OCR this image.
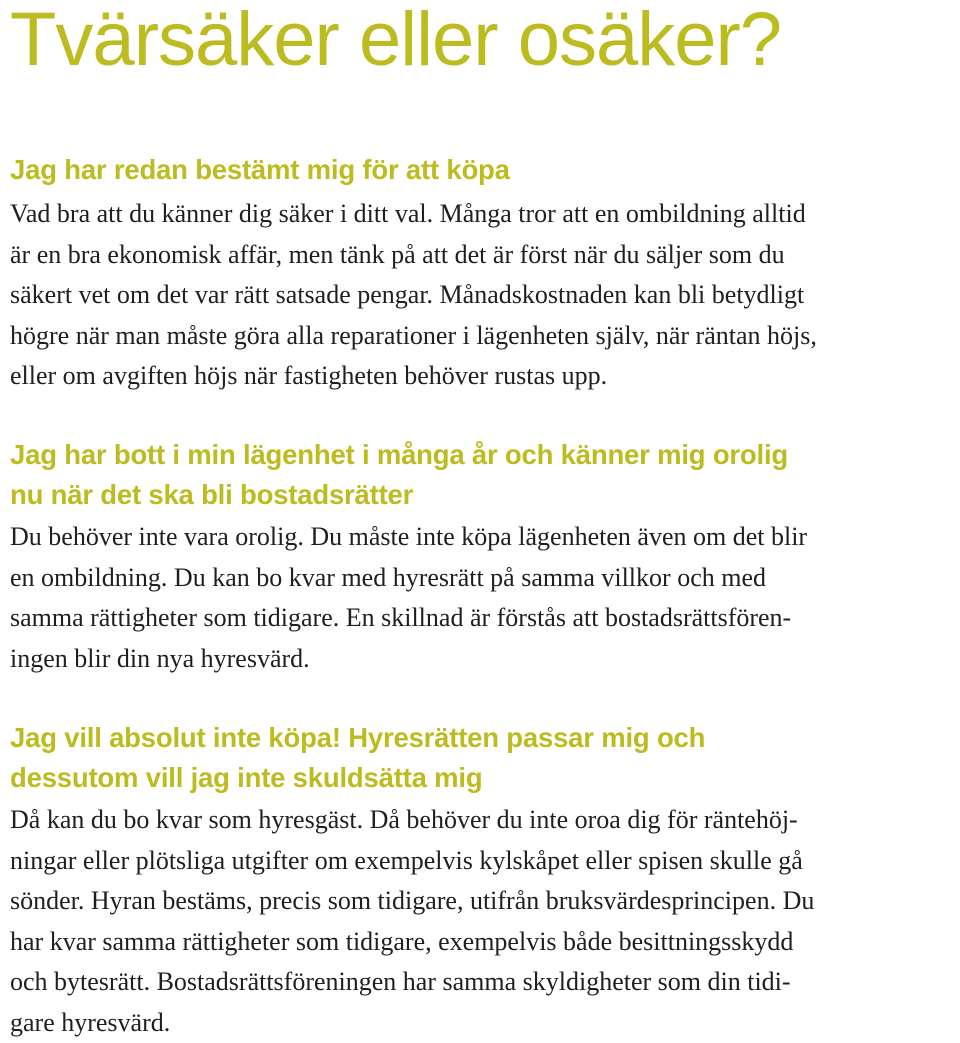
Tvärsäker eller osäker?
Jag har redan bestämt mig för att köpa

Vad bra att du känner dig säker i ditt val. Många tror att en ombildning alltid
är en bra ekonomisk affär, men tänk på att det är först när du säljer som du
säkert vet om det var rätt satsade pengar. Månadskostnaden kan bli betydligt
högre när man måste göra alla reparationer i lägenheten själv, när räntan höjs,
eller om avgiften höjs när fastigheten behöver rustas upp.

Jag har bott i min lägenhet i många år och känner mig orolig
nu när det ska bli bostadsrätter

Du behöver inte vara orolig. Du måste inte köpa lägenheten även om det blir
en ombildning. Du kan bo kvar med hyresrätt på samma villkor och med
samma rättigheter som tidigare. En skillnad är förstås att bostadsrättsfören-
ingen blir din nya hyresvärd.

Jag vill absolut inte köpa! Hyresrätten passar mig och
dessutom vill jag inte skuldsätta mig

Då kan du bo kvar som hyresgäst. Då behöver du inte oroa dig för räntehöj-
ningar eller plötsliga utgifter om exempelvis kylskåpet eller spisen skulle gå
sönder. Hyran bestäms, precis som tidigare, utifrån bruksvärdesprincipen. Du
har kvar samma rättigheter som tidigare, exempelvis både besittningsskydd
och bytesrätt. Bostadsrättsföreningen har samma skyldigheter som din tidi-
gare hyresvärd.
